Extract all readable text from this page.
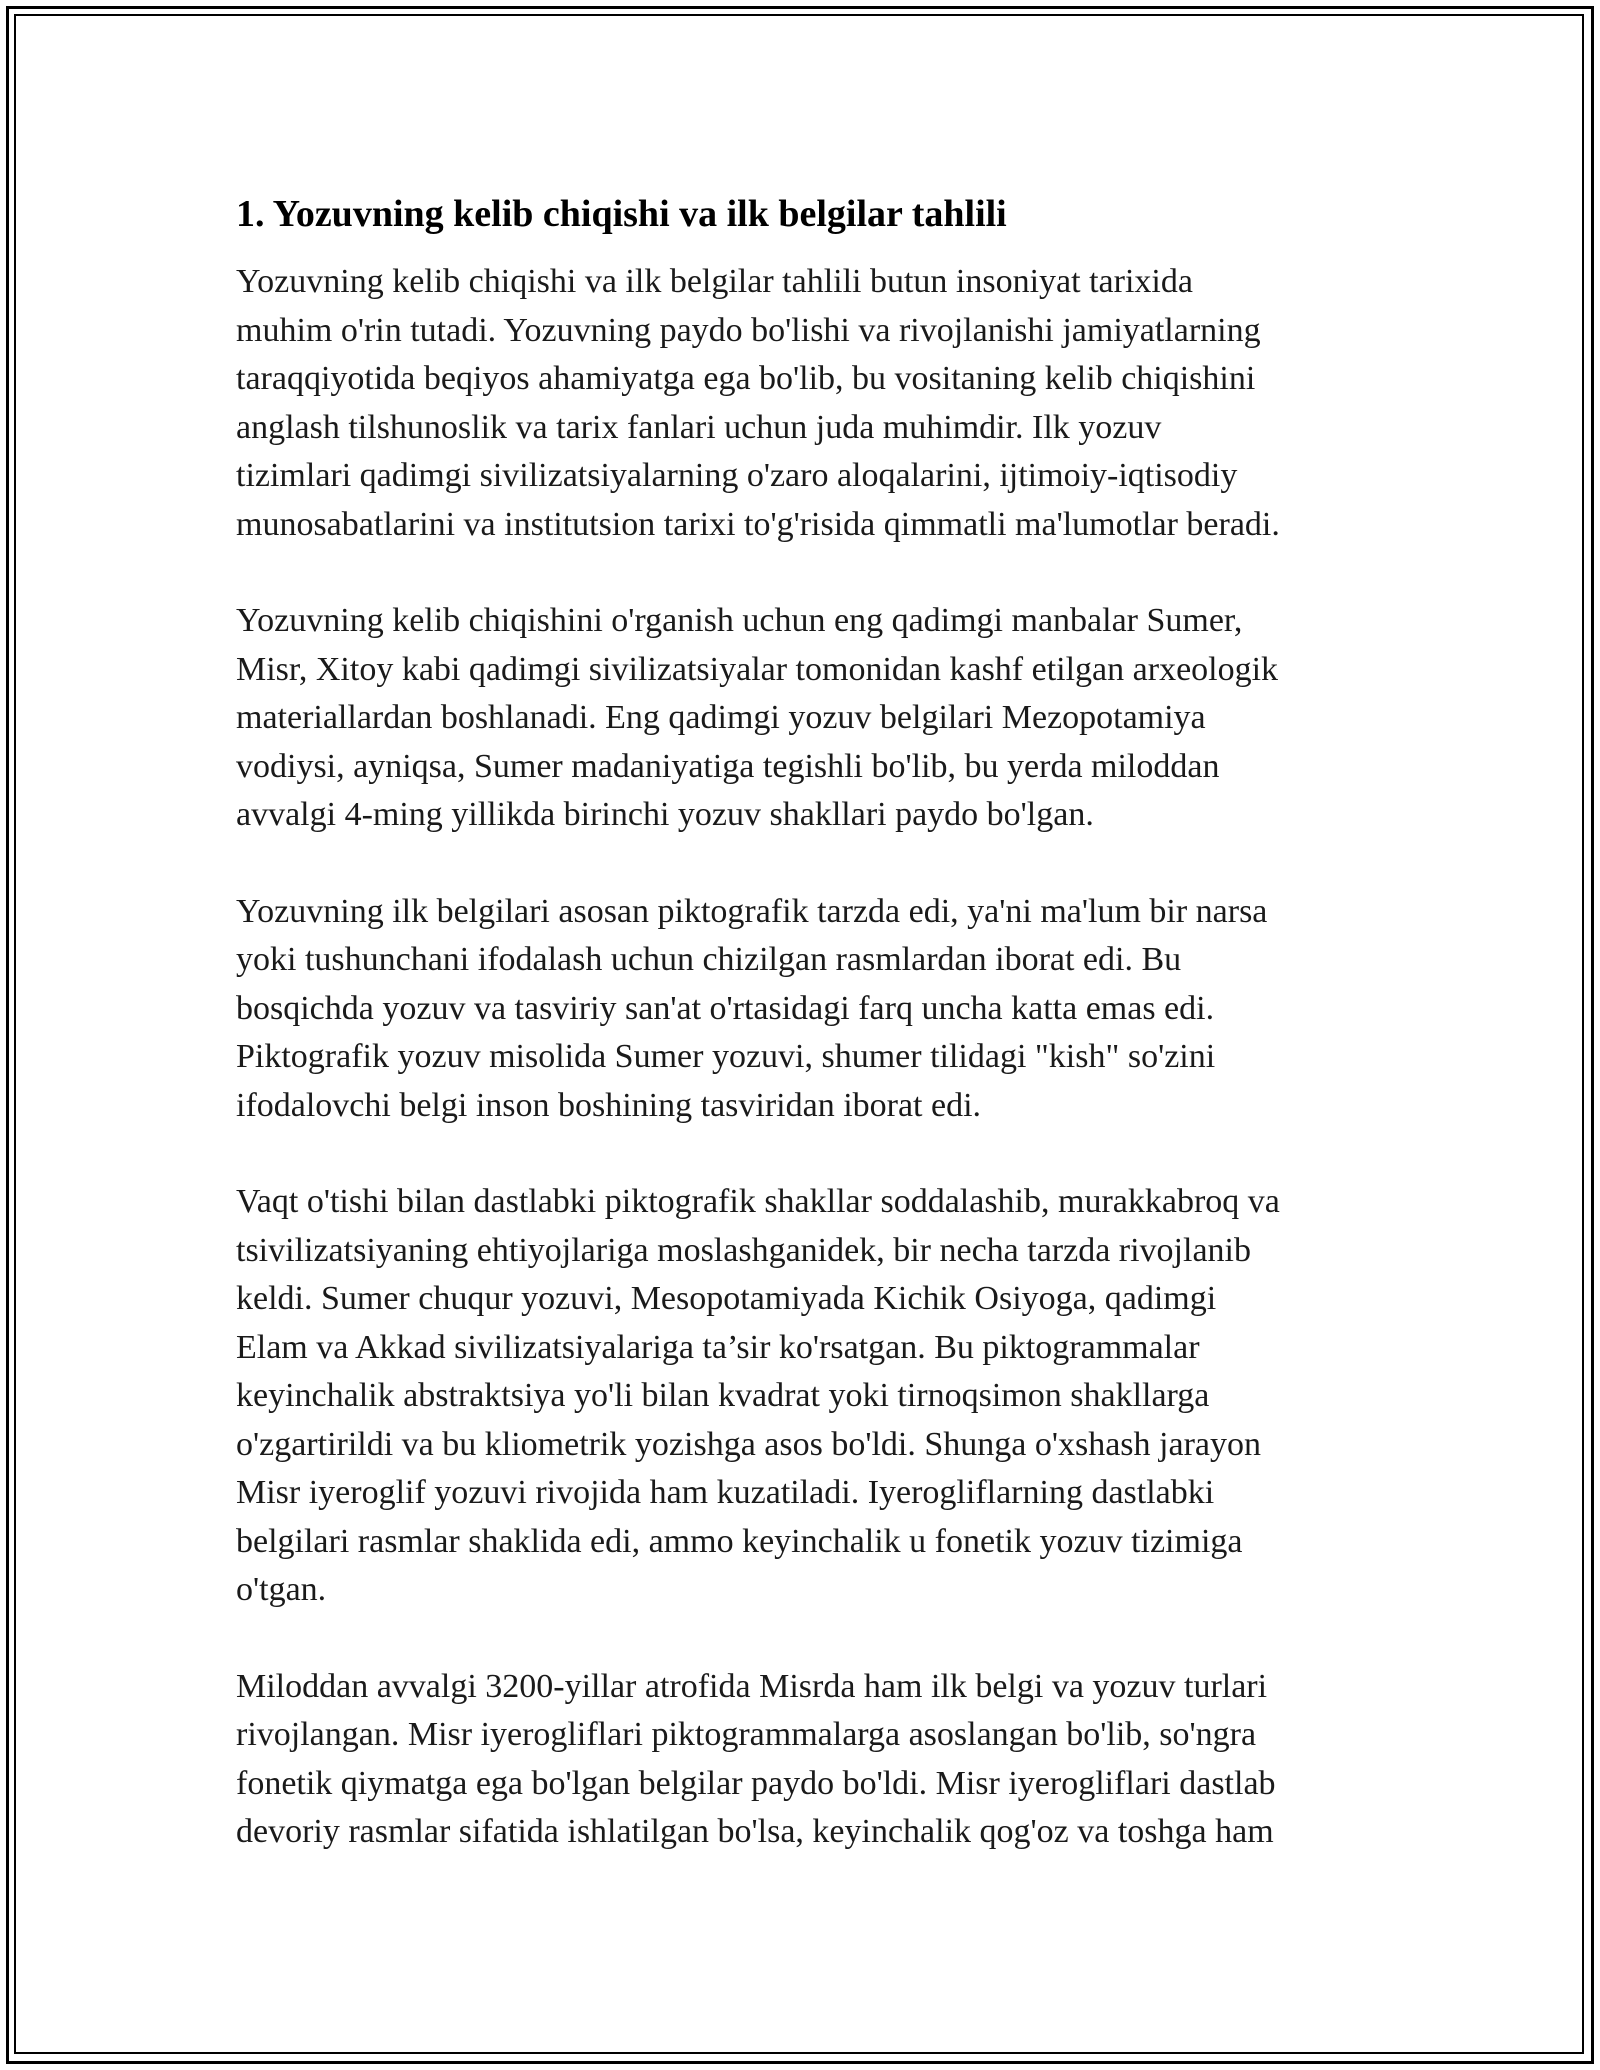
1. Yozuvning kelib chiqishi va ilk belgilar tahlili

Yozuvning kelib chiqishi va ilk belgilar tahlili butun insoniyat tarixida
muhim o'rin tutadi. Yozuvning paydo bo'lishi va rivojlanishi jamiyatlarning
taraqqiyotida beqiyos ahamiyatga ega bo'lib, bu vositaning kelib chiqishini
anglash tilshunoslik va tarix fanlari uchun juda muhimdir. Ilk yozuv
tizimlari qadimgi sivilizatsiyalarning o'zaro aloqalarini, ijtimoiy-iqtisodiy
munosabatlarini va institutsion tarixi to'g'risida qimmatli ma'lumotlar beradi.

Yozuvning kelib chiqishini o'rganish uchun eng qadimgi manbalar Sumer,
Misr, Xitoy kabi qadimgi sivilizatsiyalar tomonidan kashf etilgan arxeologik
materiallardan boshlanadi. Eng qadimgi yozuv belgilari Mezopotamiya
vodiysi, ayniqsa, Sumer madaniyatiga tegishli bo'lib, bu yerda miloddan
avvalgi 4-ming yillikda birinchi yozuv shakllari paydo bo'lgan.

Yozuvning ilk belgilari asosan piktografik tarzda edi, ya'ni ma'lum bir narsa
yoki tushunchani ifodalash uchun chizilgan rasmlardan iborat edi. Bu
bosqichda yozuv va tasviriy san'at o'rtasidagi farq uncha katta emas edi.
Piktografik yozuv misolida Sumer yozuvi, shumer tilidagi "kish" so'zini
ifodalovchi belgi inson boshining tasviridan iborat edi.

Vaqt o'tishi bilan dastlabki piktografik shakllar soddalashib, murakkabroq va
tsivilizatsiyaning ehtiyojlariga moslashganidek, bir necha tarzda rivojlanib
keldi. Sumer chuqur yozuvi, Mesopotamiyada Kichik Osiyoga, qadimgi
Elam va Akkad sivilizatsiyalariga ta’sir ko'rsatgan. Bu piktogrammalar
keyinchalik abstraktsiya yo'li bilan kvadrat yoki tirnoqsimon shakllarga
o'zgartirildi va bu kliometrik yozishga asos bo'ldi. Shunga o'xshash jarayon
Misr iyeroglif yozuvi rivojida ham kuzatiladi. Iyerogliflarning dastlabki
belgilari rasmlar shaklida edi, ammo keyinchalik u fonetik yozuv tizimiga
o'tgan.

Miloddan avvalgi 3200-yillar atrofida Misrda ham ilk belgi va yozuv turlari
rivojlangan. Misr iyerogliflari piktogrammalarga asoslangan bo'lib, so'ngra
fonetik qiymatga ega bo'lgan belgilar paydo bo'ldi. Misr iyerogliflari dastlab
devoriy rasmlar sifatida ishlatilgan bo'lsa, keyinchalik qog'oz va toshga ham
